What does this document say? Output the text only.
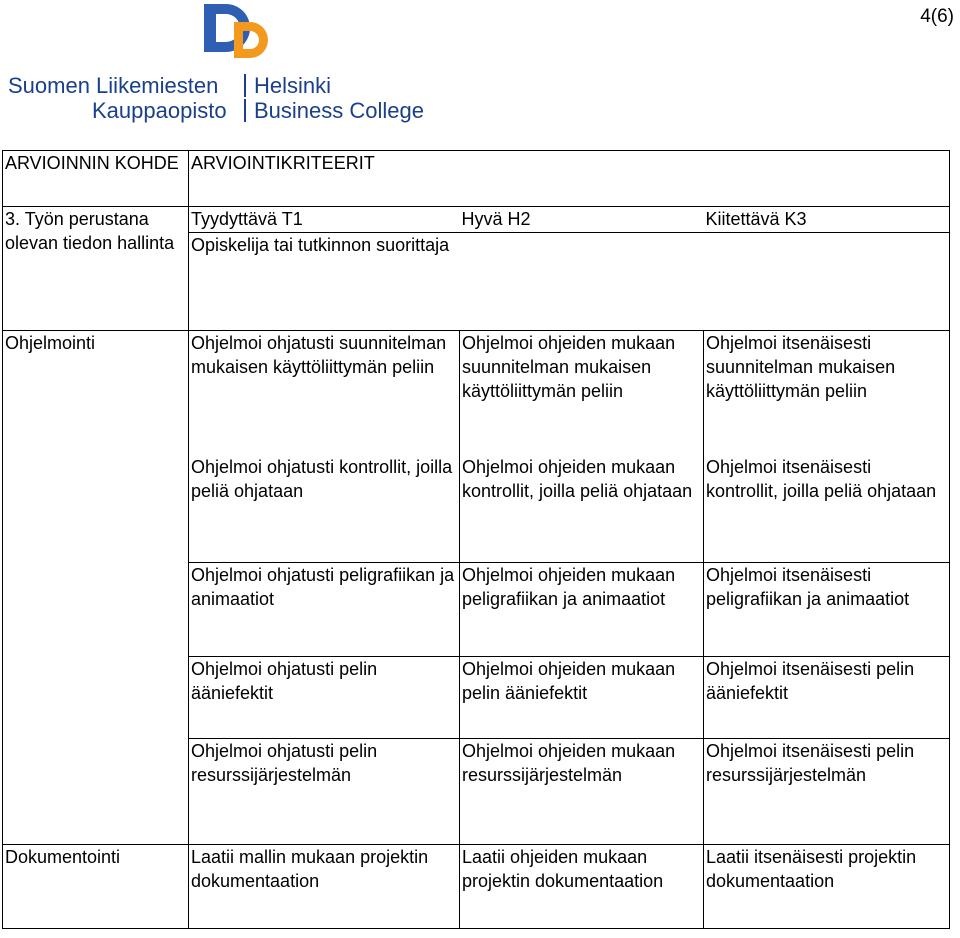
4(6)
Suomen Liikemiesten Helsinki
Kauppaopisto Business College
ARVIOINNIN KOHDE	ARVIOINTIKRITEERIT		
3. Työn perustana olevan tiedon hallinta	Tyydyttävä T1	Hyvä H2	Kiitettävä K3
	Opiskelija tai tutkinnon suorittaja		
Ohjelmointi	Ohjelmoi ohjatusti suunnitelman mukaisen käyttöliittymän peliin	Ohjelmoi ohjeiden mukaan suunnitelman mukaisen käyttöliittymän peliin	Ohjelmoi itsenäisesti suunnitelman mukaisen käyttöliittymän peliin
	Ohjelmoi ohjatusti kontrollit, joilla peliä ohjataan	Ohjelmoi ohjeiden mukaan kontrollit, joilla peliä ohjataan	Ohjelmoi itsenäisesti kontrollit, joilla peliä ohjataan
	Ohjelmoi ohjatusti peligrafiikan ja animaatiot	Ohjelmoi ohjeiden mukaan peligrafiikan ja animaatiot	Ohjelmoi itsenäisesti peligrafiikan ja animaatiot
	Ohjelmoi ohjatusti pelin ääniefektit	Ohjelmoi ohjeiden mukaan pelin ääniefektit	Ohjelmoi itsenäisesti pelin ääniefektit
	Ohjelmoi ohjatusti pelin resurssijärjestelmän	Ohjelmoi ohjeiden mukaan resurssijärjestelmän	Ohjelmoi itsenäisesti pelin resurssijärjestelmän
Dokumentointi	Laatii mallin mukaan projektin dokumentaation	Laatii ohjeiden mukaan projektin dokumentaation	Laatii itsenäisesti projektin dokumentaation
